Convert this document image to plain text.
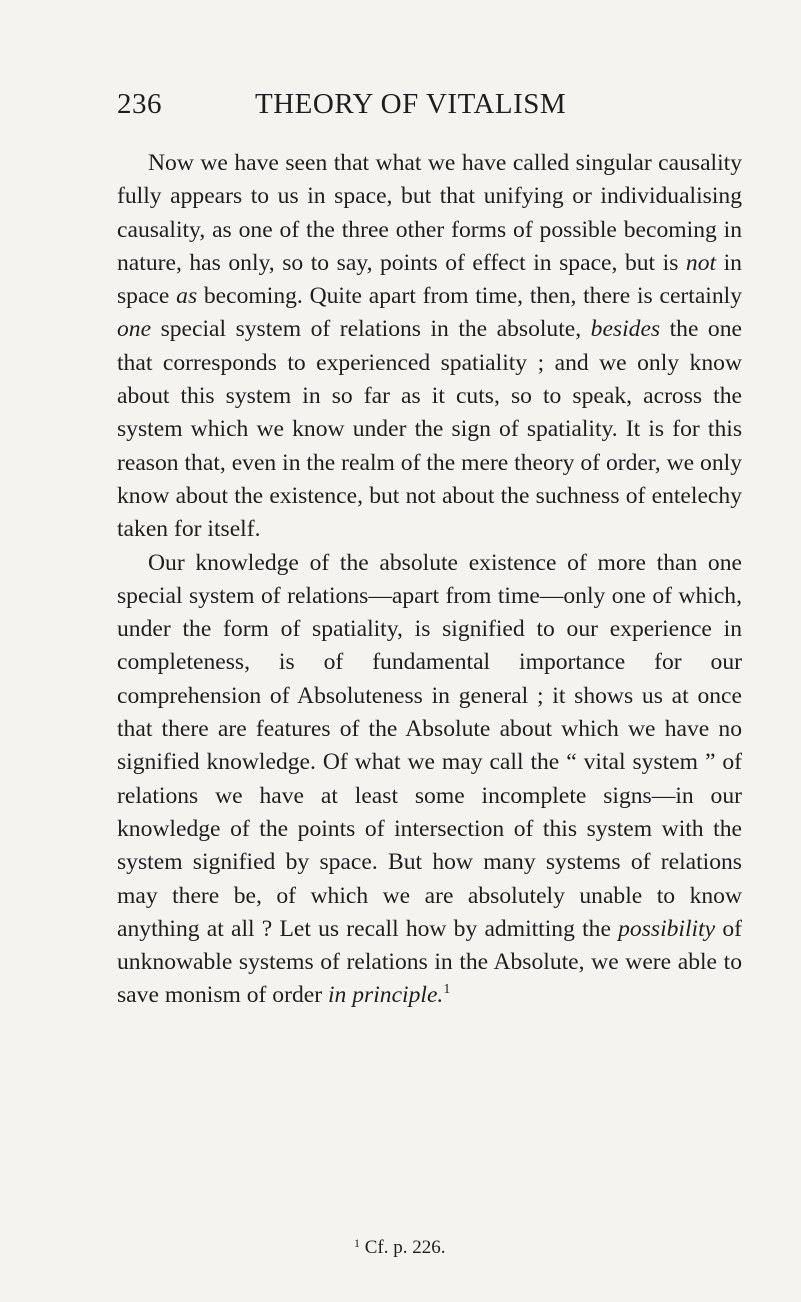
236	THEORY OF VITALISM

Now we have seen that what we have called singular causality fully appears to us in space, but that unifying or individualising causality, as one of the three other forms of possible becoming in nature, has only, so to say, points of effect in space, but is not in space as becoming. Quite apart from time, then, there is certainly one special system of relations in the absolute, besides the one that corresponds to experienced spatiality ; and we only know about this system in so far as it cuts, so to speak, across the system which we know under the sign of spatiality. It is for this reason that, even in the realm of the mere theory of order, we only know about the existence, but not about the suchness of entelechy taken for itself.

Our knowledge of the absolute existence of more than one special system of relations—apart from time—only one of which, under the form of spatiality, is signified to our experience in completeness, is of fundamental importance for our comprehension of Absoluteness in general ; it shows us at once that there are features of the Absolute about which we have no signified knowledge. Of what we may call the “ vital system ” of relations we have at least some incomplete signs—in our knowledge of the points of intersection of this system with the system signified by space. But how many systems of relations may there be, of which we are absolutely unable to know anything at all ? Let us recall how by admitting the possibility of unknowable systems of relations in the Absolute, we were able to save monism of order in principle.$^1$

$^1$ Cf. p. 226.
